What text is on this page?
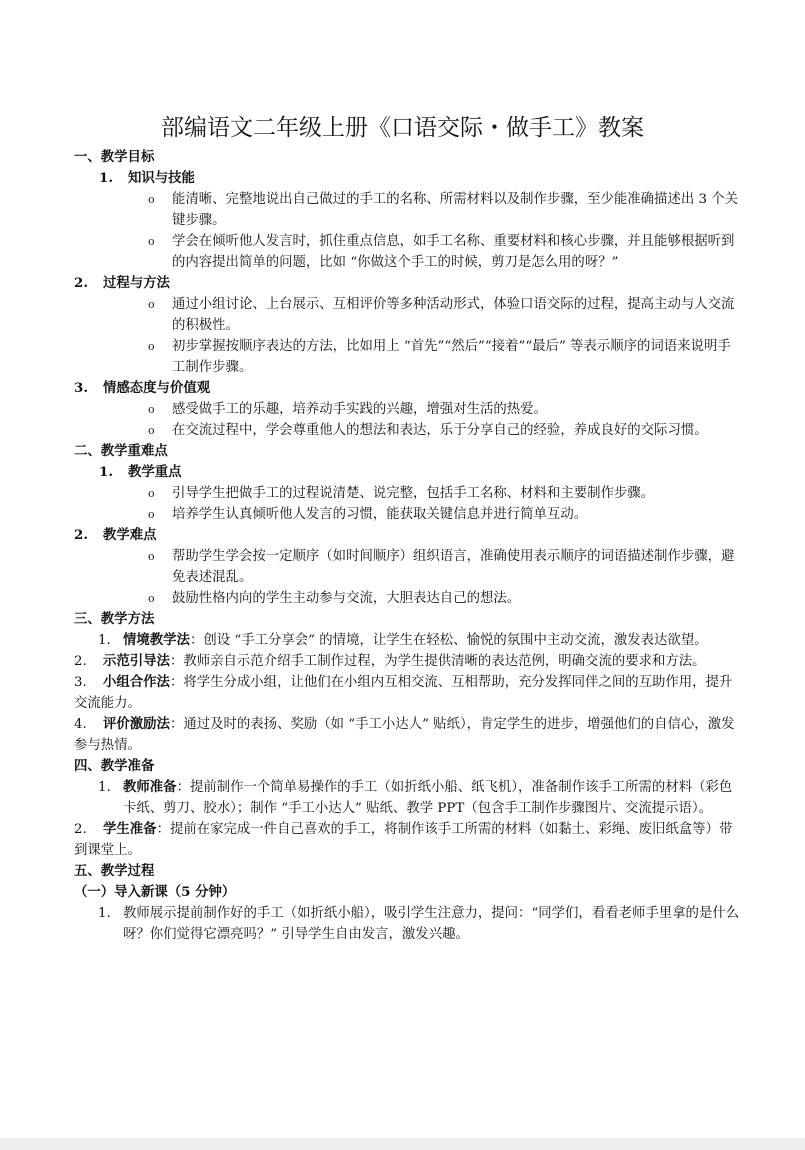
部编语文二年级上册《口语交际・做手工》教案

一、教学目标

1. 知识与技能

o 能清晰、完整地说出自己做过的手工的名称、所需材料以及制作步骤，至少能准确描述出 3 个关键步骤。
o 学会在倾听他人发言时，抓住重点信息，如手工名称、重要材料和核心步骤，并且能够根据听到的内容提出简单的问题，比如 “你做这个手工的时候，剪刀是怎么用的呀？”

2. 过程与方法

o 通过小组讨论、上台展示、互相评价等多种活动形式，体验口语交际的过程，提高主动与人交流的积极性。
o 初步掌握按顺序表达的方法，比如用上 “首先”“然后”“接着”“最后” 等表示顺序的词语来说明手工制作步骤。

3. 情感态度与价值观

o 感受做手工的乐趣，培养动手实践的兴趣，增强对生活的热爱。
o 在交流过程中，学会尊重他人的想法和表达，乐于分享自己的经验，养成良好的交际习惯。

二、教学重难点

1. 教学重点

o 引导学生把做手工的过程说清楚、说完整，包括手工名称、材料和主要制作步骤。
o 培养学生认真倾听他人发言的习惯，能获取关键信息并进行简单互动。

2. 教学难点

o 帮助学生学会按一定顺序（如时间顺序）组织语言，准确使用表示顺序的词语描述制作步骤，避免表述混乱。
o 鼓励性格内向的学生主动参与交流，大胆表达自己的想法。

三、教学方法

1. 情境教学法：创设 “手工分享会” 的情境，让学生在轻松、愉悦的氛围中主动交流，激发表达欲望。

2. 示范引导法：教师亲自示范介绍手工制作过程，为学生提供清晰的表达范例，明确交流的要求和方法。

3. 小组合作法：将学生分成小组，让他们在小组内互相交流、互相帮助，充分发挥同伴之间的互助作用，提升交流能力。

4. 评价激励法：通过及时的表扬、奖励（如 “手工小达人” 贴纸），肯定学生的进步，增强他们的自信心，激发参与热情。

四、教学准备

1. 教师准备：提前制作一个简单易操作的手工（如折纸小船、纸飞机），准备制作该手工所需的材料（彩色卡纸、剪刀、胶水）；制作 “手工小达人” 贴纸、教学 PPT（包含手工制作步骤图片、交流提示语）。

2. 学生准备：提前在家完成一件自己喜欢的手工，将制作该手工所需的材料（如黏土、彩绳、废旧纸盒等）带到课堂上。

五、教学过程

（一）导入新课（5 分钟）

1. 教师展示提前制作好的手工（如折纸小船），吸引学生注意力，提问：“同学们，看看老师手里拿的是什么呀？你们觉得它漂亮吗？” 引导学生自由发言，激发兴趣。
